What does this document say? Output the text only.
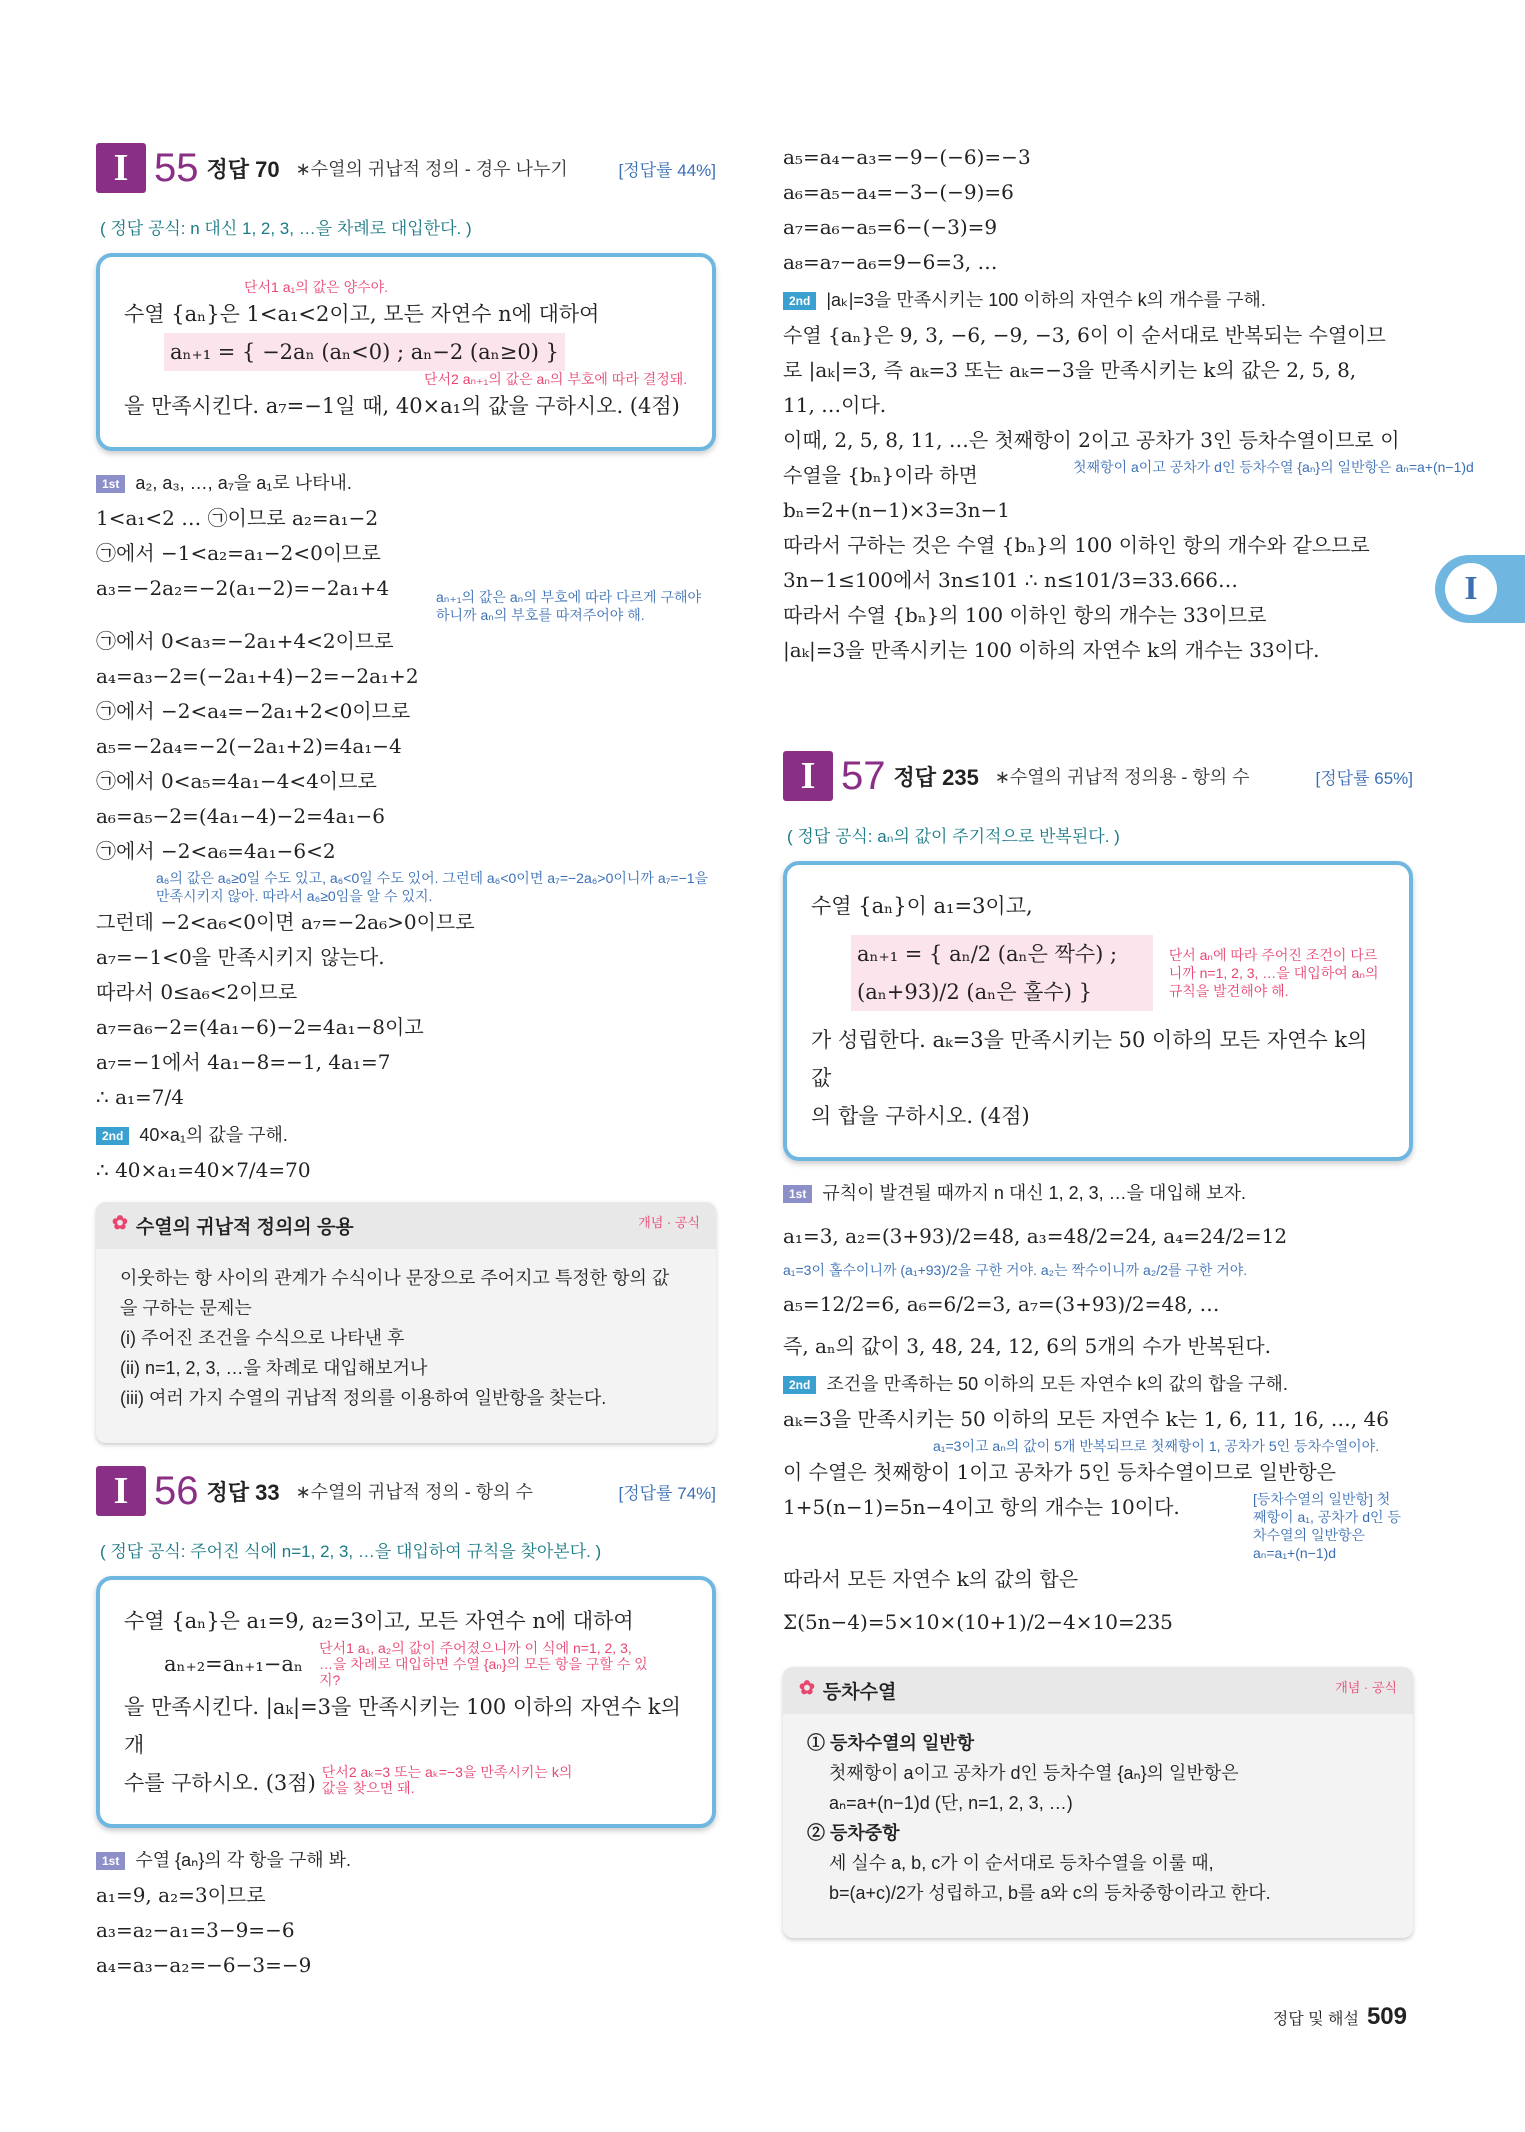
I 55 정답 70 ∗수열의 귀납적 정의 - 경우 나누기	[정답률 44%]
( 정답 공식: n 대신 1, 2, 3, …을 차례로 대입한다. )
단서1 a₁의 값은 양수야.
수열 {aₙ}은 1<a₁<2이고, 모든 자연수 n에 대하여
aₙ₊₁ = { −2aₙ (aₙ<0) ; aₙ−2 (aₙ≥0) }
단서2 aₙ₊₁의 값은 aₙ의 부호에 따라 결정돼.
을 만족시킨다. a₇=−1일 때, 40×a₁의 값을 구하시오. (4점)
1st a₂, a₃, …, a₇을 a₁로 나타내.
1<a₁<2 … ㉠이므로 a₂=a₁−2
㉠에서 −1<a₂=a₁−2<0이므로
a₃=−2a₂=−2(a₁−2)=−2a₁+4	aₙ₊₁의 값은 aₙ의 부호에 따라 다르게 구해야 하니까 aₙ의 부호를 따져주어야 해.
㉠에서 0<a₃=−2a₁+4<2이므로
a₄=a₃−2=(−2a₁+4)−2=−2a₁+2
㉠에서 −2<a₄=−2a₁+2<0이므로
a₅=−2a₄=−2(−2a₁+2)=4a₁−4
㉠에서 0<a₅=4a₁−4<4이므로
a₆=a₅−2=(4a₁−4)−2=4a₁−6
㉠에서 −2<a₆=4a₁−6<2
a₆의 값은 a₆≥0일 수도 있고, a₆<0일 수도 있어. 그런데 a₆<0이면 a₇=−2a₆>0이니까 a₇=−1을 만족시키지 않아. 따라서 a₆≥0임을 알 수 있지.
그런데 −2<a₆<0이면 a₇=−2a₆>0이므로
a₇=−1<0을 만족시키지 않는다.
따라서 0≤a₆<2이므로
a₇=a₆−2=(4a₁−6)−2=4a₁−8이고
a₇=−1에서 4a₁−8=−1, 4a₁=7
∴ a₁=7/4
2nd 40×a₁의 값을 구해.
∴ 40×a₁=40×7/4=70
✿ 수열의 귀납적 정의의 응용	개념 · 공식
이웃하는 항 사이의 관계가 수식이나 문장으로 주어지고 특정한 항의 값
을 구하는 문제는
(i) 주어진 조건을 수식으로 나타낸 후
(ii) n=1, 2, 3, …을 차례로 대입해보거나
(iii) 여러 가지 수열의 귀납적 정의를 이용하여 일반항을 찾는다.
I 56 정답 33 ∗수열의 귀납적 정의 - 항의 수	[정답률 74%]
( 정답 공식: 주어진 식에 n=1, 2, 3, …을 대입하여 규칙을 찾아본다. )
수열 {aₙ}은 a₁=9, a₂=3이고, 모든 자연수 n에 대하여
aₙ₊₂=aₙ₊₁−aₙ
단서1 a₁, a₂의 값이 주어졌으니까 이 식에 n=1, 2, 3, …을 차례로 대입하면 수열 {aₙ}의 모든 항을 구할 수 있지?
을 만족시킨다. |aₖ|=3을 만족시키는 100 이하의 자연수 k의 개
수를 구하시오. (3점) 단서2 aₖ=3 또는 aₖ=−3을 만족시키는 k의 값을 찾으면 돼.
1st 수열 {aₙ}의 각 항을 구해 봐.
a₁=9, a₂=3이므로
a₃=a₂−a₁=3−9=−6
a₄=a₃−a₂=−6−3=−9
a₅=a₄−a₃=−9−(−6)=−3
a₆=a₅−a₄=−3−(−9)=6
a₇=a₆−a₅=6−(−3)=9
a₈=a₇−a₆=9−6=3, …
2nd |aₖ|=3을 만족시키는 100 이하의 자연수 k의 개수를 구해.
수열 {aₙ}은 9, 3, −6, −9, −3, 6이 이 순서대로 반복되는 수열이므
로 |aₖ|=3, 즉 aₖ=3 또는 aₖ=−3을 만족시키는 k의 값은 2, 5, 8,
11, …이다.
이때, 2, 5, 8, 11, …은 첫째항이 2이고 공차가 3인 등차수열이므로 이
수열을 {bₙ}이라 하면	첫째항이 a이고 공차가 d인 등차수열 {aₙ}의 일반항은 aₙ=a+(n−1)d
bₙ=2+(n−1)×3=3n−1
따라서 구하는 것은 수열 {bₙ}의 100 이하인 항의 개수와 같으므로
3n−1≤100에서 3n≤101 ∴ n≤101/3=33.666…
따라서 수열 {bₙ}의 100 이하인 항의 개수는 33이므로
|aₖ|=3을 만족시키는 100 이하의 자연수 k의 개수는 33이다.
I 57 정답 235 ∗수열의 귀납적 정의용 - 항의 수	[정답률 65%]
( 정답 공식: aₙ의 값이 주기적으로 반복된다. )
수열 {aₙ}이 a₁=3이고,
aₙ₊₁ = { aₙ/2 (aₙ은 짝수) ; (aₙ+93)/2 (aₙ은 홀수) }
단서 aₙ에 따라 주어진 조건이 다르니까 n=1, 2, 3, …을 대입하여 aₙ의 규칙을 발견해야 해.
가 성립한다. aₖ=3을 만족시키는 50 이하의 모든 자연수 k의 값
의 합을 구하시오. (4점)
1st 규칙이 발견될 때까지 n 대신 1, 2, 3, …을 대입해 보자.
a₁=3, a₂=(3+93)/2=48, a₃=48/2=24, a₄=24/2=12
a₁=3이 홀수이니까 (a₁+93)/2을 구한 거야. a₂는 짝수이니까 a₂/2를 구한 거야.
a₅=12/2=6, a₆=6/2=3, a₇=(3+93)/2=48, …
즉, aₙ의 값이 3, 48, 24, 12, 6의 5개의 수가 반복된다.
2nd 조건을 만족하는 50 이하의 모든 자연수 k의 값의 합을 구해.
aₖ=3을 만족시키는 50 이하의 모든 자연수 k는 1, 6, 11, 16, …, 46
a₁=3이고 aₙ의 값이 5개 반복되므로 첫째항이 1, 공차가 5인 등차수열이야.
이 수열은 첫째항이 1이고 공차가 5인 등차수열이므로 일반항은
1+5(n−1)=5n−4이고 항의 개수는 10이다.	[등차수열의 일반항] 첫째항이 a₁, 공차가 d인 등차수열의 일반항은 aₙ=a₁+(n−1)d
따라서 모든 자연수 k의 값의 합은
Σ(5n−4)=5×10×(10+1)/2−4×10=235
✿ 등차수열	개념 · 공식
① 등차수열의 일반항
첫째항이 a이고 공차가 d인 등차수열 {aₙ}의 일반항은
aₙ=a+(n−1)d (단, n=1, 2, 3, …)
② 등차중항
세 실수 a, b, c가 이 순서대로 등차수열을 이룰 때,
b=(a+c)/2가 성립하고, b를 a와 c의 등차중항이라고 한다.
I
정답 및 해설 509
